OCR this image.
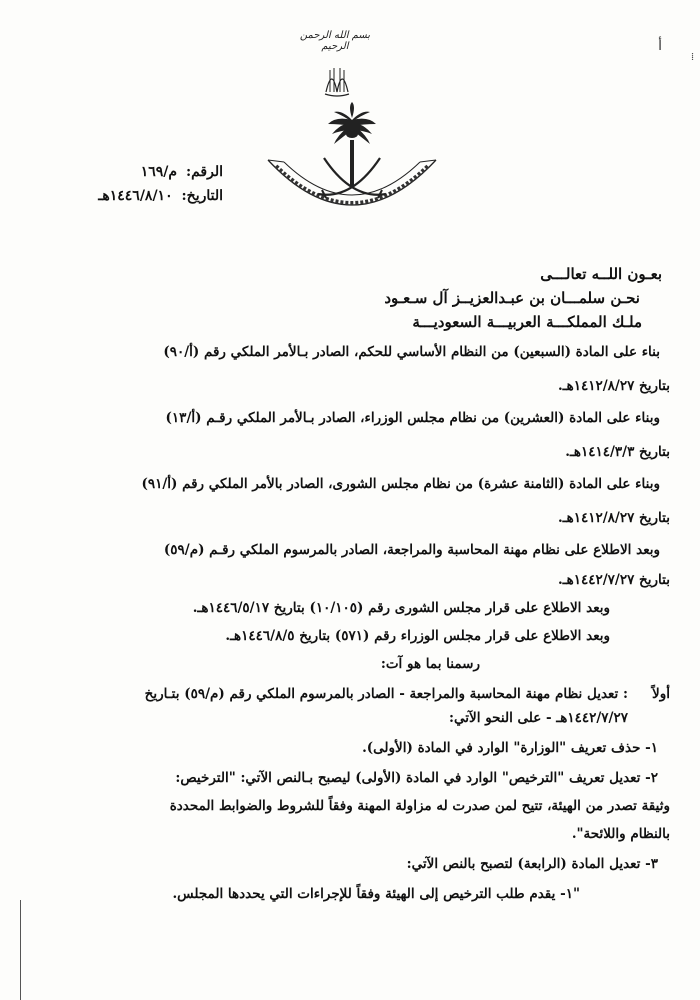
أ
⁞
بسم الله الرحمن الرحيم
الرقم: م/١٦٩
التاريخ: ١٤٤٦/٨/١٠هـ
بعـون اللــه تعالـــى
نحـن سلمـــان بن عبـدالعزيــز آل سـعـود
ملـك المملكـــة العربيـــة السعوديـــة
بناء على المادة (السبعين) من النظام الأساسي للحكم، الصادر بـالأمر الملكي رقم (أ/٩٠)
بتاريخ ١٤١٢/٨/٢٧هـ.
وبناء على المادة (العشرين) من نظام مجلس الوزراء، الصادر بـالأمر الملكي رقـم (أ/١٣)
بتاريخ ١٤١٤/٣/٣هـ.
وبناء على المادة (الثامنة عشرة) من نظام مجلس الشورى، الصادر بالأمر الملكي رقم (أ/٩١)
بتاريخ ١٤١٢/٨/٢٧هـ.
وبعد الاطلاع على نظام مهنة المحاسبة والمراجعة، الصادر بالمرسوم الملكي رقـم (م/٥٩)
بتاريخ ١٤٤٢/٧/٢٧هـ.
وبعد الاطلاع على قرار مجلس الشورى رقم (١٠/١٠٥) بتاريخ ١٤٤٦/٥/١٧هـ.
وبعد الاطلاع على قرار مجلس الوزراء رقم (٥٧١) بتاريخ ١٤٤٦/٨/٥هـ.
رسمنا بما هو آت:
أولاً
: تعديل نظام مهنة المحاسبة والمراجعة - الصادر بالمرسوم الملكي رقم (م/٥٩) بتـاريخ
١٤٤٢/٧/٢٧هـ - على النحو الآتي:
١- حذف تعريف "الوزارة" الوارد في المادة (الأولى).
٢- تعديل تعريف "الترخيص" الوارد في المادة (الأولى) ليصبح بـالنص الآتي: "الترخيص:
وثيقة تصدر من الهيئة، تتيح لمن صدرت له مزاولة المهنة وفقاً للشروط والضوابط المحددة
بالنظام واللائحة".
٣- تعديل المادة (الرابعة) لتصبح بالنص الآتي:
"١- يقدم طلب الترخيص إلى الهيئة وفقاً للإجراءات التي يحددها المجلس.
